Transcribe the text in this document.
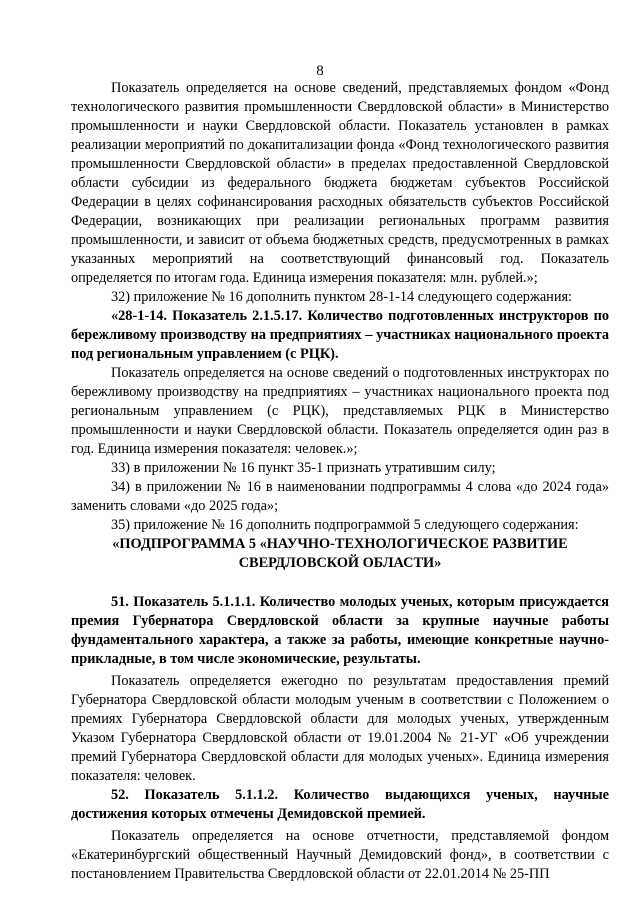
8

Показатель определяется на основе сведений, представляемых фондом «Фонд технологического развития промышленности Свердловской области» в Министерство промышленности и науки Свердловской области. Показатель установлен в рамках реализации мероприятий по докапитализации фонда «Фонд технологического развития промышленности Свердловской области» в пределах предоставленной Свердловской области субсидии из федерального бюджета бюджетам субъектов Российской Федерации в целях софинансирования расходных обязательств субъектов Российской Федерации, возникающих при реализации региональных программ развития промышленности, и зависит от объема бюджетных средств, предусмотренных в рамках указанных мероприятий на соответствующий финансовый год. Показатель определяется по итогам года. Единица измерения показателя: млн. рублей.»;

32) приложение № 16 дополнить пунктом 28-1-14 следующего содержания:

«28-1-14. Показатель 2.1.5.17. Количество подготовленных инструкторов по бережливому производству на предприятиях – участниках национального проекта под региональным управлением (с РЦК).

Показатель определяется на основе сведений о подготовленных инструкторах по бережливому производству на предприятиях – участниках национального проекта под региональным управлением (с РЦК), представляемых РЦК в Министерство промышленности и науки Свердловской области. Показатель определяется один раз в год. Единица измерения показателя: человек.»;

33) в приложении № 16 пункт 35-1 признать утратившим силу;

34) в приложении № 16 в наименовании подпрограммы 4 слова «до 2024 года» заменить словами «до 2025 года»;

35) приложение № 16 дополнить подпрограммой 5 следующего содержания:

«ПОДПРОГРАММА 5 «НАУЧНО-ТЕХНОЛОГИЧЕСКОЕ РАЗВИТИЕ СВЕРДЛОВСКОЙ ОБЛАСТИ»

51. Показатель 5.1.1.1. Количество молодых ученых, которым присуждается премия Губернатора Свердловской области за крупные научные работы фундаментального характера, а также за работы, имеющие конкретные научно-прикладные, в том числе экономические, результаты.

Показатель определяется ежегодно по результатам предоставления премий Губернатора Свердловской области молодым ученым в соответствии с Положением о премиях Губернатора Свердловской области для молодых ученых, утвержденным Указом Губернатора Свердловской области от 19.01.2004 № 21-УГ «Об учреждении премий Губернатора Свердловской области для молодых ученых». Единица измерения показателя: человек.

52. Показатель 5.1.1.2. Количество выдающихся ученых, научные достижения которых отмечены Демидовской премией.

Показатель определяется на основе отчетности, представляемой фондом «Екатеринбургский общественный Научный Демидовский фонд», в соответствии с постановлением Правительства Свердловской области от 22.01.2014 № 25-ПП
